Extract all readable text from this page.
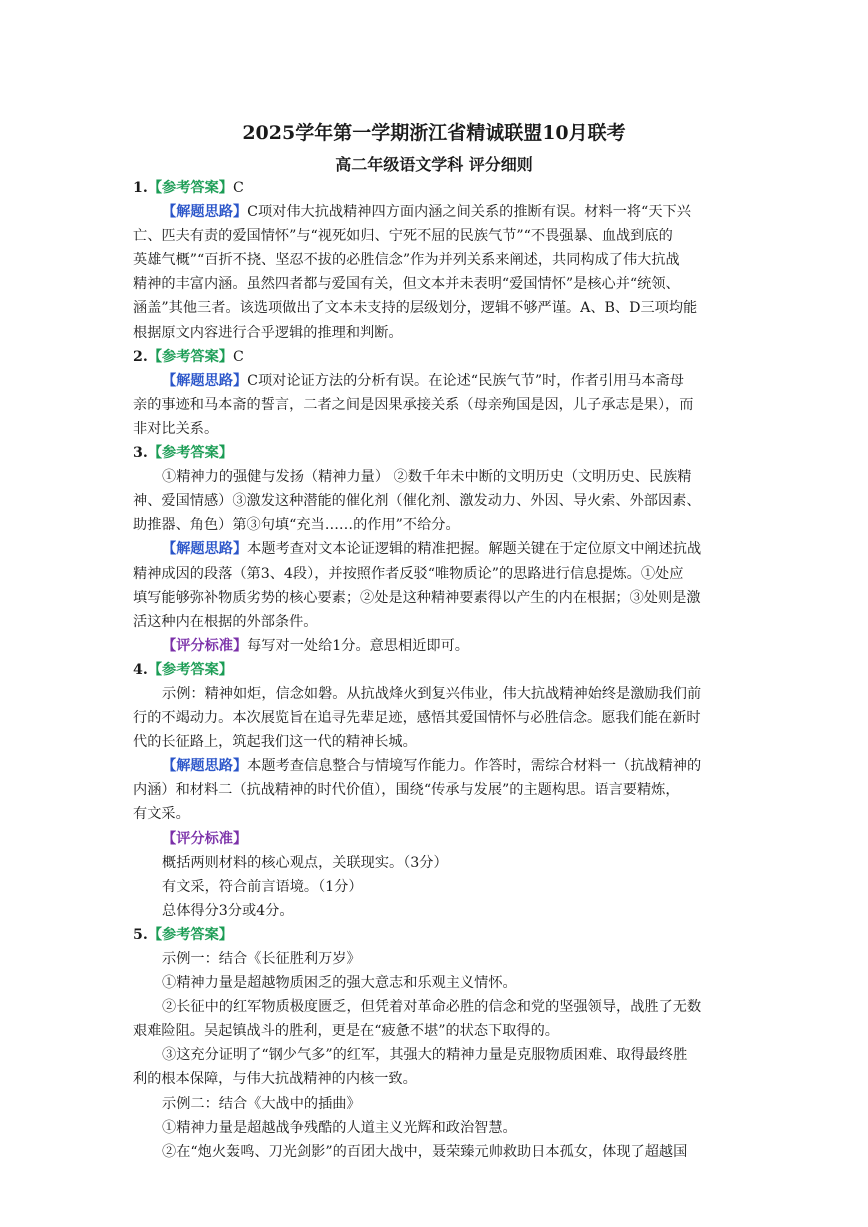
2025学年第一学期浙江省精诚联盟10月联考
高二年级语文学科 评分细则
1.【参考答案】C
【解题思路】C项对伟大抗战精神四方面内涵之间关系的推断有误。材料一将“天下兴
亡、匹夫有责的爱国情怀”与“视死如归、宁死不屈的民族气节”“不畏强暴、血战到底的
英雄气概”“百折不挠、坚忍不拔的必胜信念”作为并列关系来阐述，共同构成了伟大抗战
精神的丰富内涵。虽然四者都与爱国有关，但文本并未表明“爱国情怀”是核心并“统领、
涵盖”其他三者。该选项做出了文本未支持的层级划分，逻辑不够严谨。A、B、D三项均能
根据原文内容进行合乎逻辑的推理和判断。
2.【参考答案】C
【解题思路】C项对论证方法的分析有误。在论述“民族气节”时，作者引用马本斋母
亲的事迹和马本斋的誓言，二者之间是因果承接关系（母亲殉国是因，儿子承志是果），而
非对比关系。
3.【参考答案】
①精神力的强健与发扬（精神力量） ②数千年未中断的文明历史（文明历史、民族精
神、爱国情感）③激发这种潜能的催化剂（催化剂、激发动力、外因、导火索、外部因素、
助推器、角色）第③句填“充当……的作用”不给分。
【解题思路】本题考查对文本论证逻辑的精准把握。解题关键在于定位原文中阐述抗战
精神成因的段落（第3、4段），并按照作者反驳“唯物质论”的思路进行信息提炼。①处应
填写能够弥补物质劣势的核心要素；②处是这种精神要素得以产生的内在根据；③处则是激
活这种内在根据的外部条件。
【评分标准】每写对一处给1分。意思相近即可。
4.【参考答案】
示例：精神如炬，信念如磐。从抗战烽火到复兴伟业，伟大抗战精神始终是激励我们前
行的不竭动力。本次展览旨在追寻先辈足迹，感悟其爱国情怀与必胜信念。愿我们能在新时
代的长征路上，筑起我们这一代的精神长城。
【解题思路】本题考查信息整合与情境写作能力。作答时，需综合材料一（抗战精神的
内涵）和材料二（抗战精神的时代价值），围绕“传承与发展”的主题构思。语言要精炼，
有文采。
【评分标准】
概括两则材料的核心观点，关联现实。（3分）
有文采，符合前言语境。（1分）
总体得分3分或4分。
5.【参考答案】
示例一：结合《长征胜利万岁》
①精神力量是超越物质困乏的强大意志和乐观主义情怀。
②长征中的红军物质极度匮乏，但凭着对革命必胜的信念和党的坚强领导，战胜了无数
艰难险阻。吴起镇战斗的胜利，更是在“疲惫不堪”的状态下取得的。
③这充分证明了“钢少气多”的红军，其强大的精神力量是克服物质困难、取得最终胜
利的根本保障，与伟大抗战精神的内核一致。
示例二：结合《大战中的插曲》
①精神力量是超越战争残酷的人道主义光辉和政治智慧。
②在“炮火轰鸣、刀光剑影”的百团大战中，聂荣臻元帅救助日本孤女，体现了超越国
